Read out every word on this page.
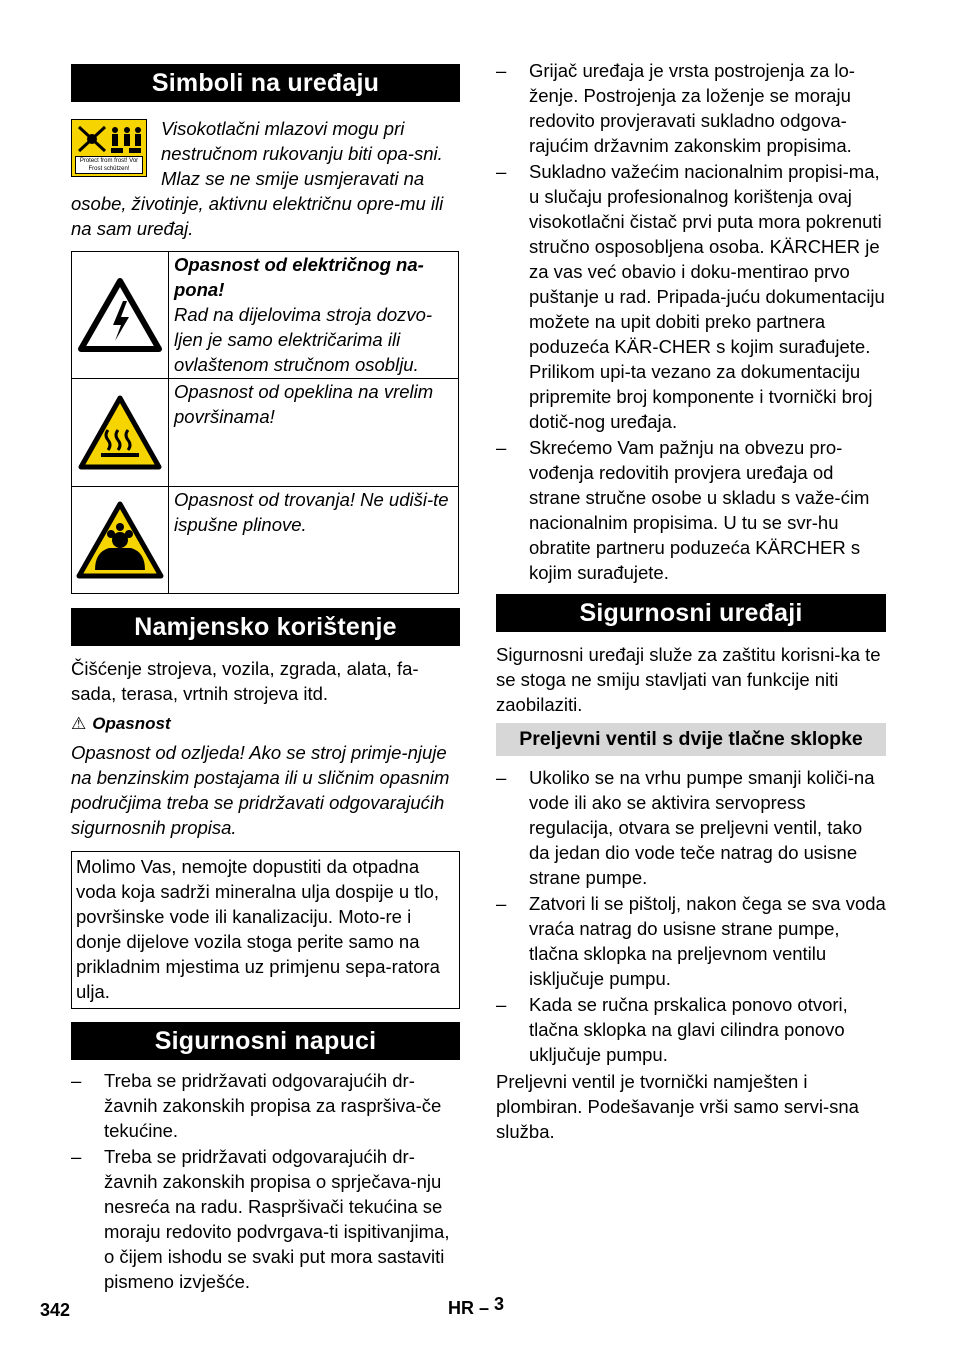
Simboli na uređaju
Protect from frost! Vor Frost schützen!

Visokotlačni mlazovi mogu pri nestručnom rukovanju biti opa-sni. Mlaz se ne smije usmjeravati na osobe, životinje, aktivnu električnu opre-mu ili na sam uređaj.

Opasnost od električnog na-pona!
Rad na dijelovima stroja dozvo-ljen je samo električarima ili ovlaštenom stručnom osoblju.
Opasnost od opeklina na vrelim površinama!
Opasnost od trovanja! Ne udiši-te ispušne plinove.
Namjensko korištenje

Čišćenje strojeva, vozila, zgrada, alata, fa-sada, terasa, vrtnih strojeva itd.

⚠ Opasnost

Opasnost od ozljeda! Ako se stroj primje-njuje na benzinskim postajama ili u sličnim opasnim područjima treba se pridržavati odgovarajućih sigurnosnih propisa.

Molimo Vas, nemojte dopustiti da otpadna voda koja sadrži mineralna ulja dospije u tlo, površinske vode ili kanalizaciju. Moto-re i donje dijelove vozila stoga perite samo na prikladnim mjestima uz primjenu sepa-ratora ulja.

Sigurnosni napuci
– Treba se pridržavati odgovarajućih dr-žavnih zakonskih propisa za raspršiva-če tekućine.
– Treba se pridržavati odgovarajućih dr-žavnih zakonskih propisa o sprječava-nju nesreća na radu. Raspršivači tekućina se moraju redovito podvrgava-ti ispitivanjima, o čijem ishodu se svaki put mora sastaviti pismeno izvješće.
– Grijač uređaja je vrsta postrojenja za lo-ženje. Postrojenja za loženje se moraju redovito provjeravati sukladno odgova-rajućim državnim zakonskim propisima.
– Sukladno važećim nacionalnim propisi-ma, u slučaju profesionalnog korištenja ovaj visokotlačni čistač prvi puta mora pokrenuti stručno osposobljena osoba. KÄRCHER je za vas već obavio i doku-mentirao prvo puštanje u rad. Pripada-juću dokumentaciju možete na upit dobiti preko partnera poduzeća KÄR-CHER s kojim surađujete. Prilikom upi-ta vezano za dokumentaciju pripremite broj komponente i tvornički broj dotič-nog uređaja.
– Skrećemo Vam pažnju na obvezu pro-vođenja redovitih provjera uređaja od strane stručne osobe u skladu s važe-ćim nacionalnim propisima. U tu se svr-hu obratite partneru poduzeća KÄRCHER s kojim surađujete.
Sigurnosni uređaji

Sigurnosni uređaji služe za zaštitu korisni-ka te se stoga ne smiju stavljati van funkcije niti zaobilaziti.

Preljevni ventil s dvije tlačne sklopke
– Ukoliko se na vrhu pumpe smanji količi-na vode ili ako se aktivira servopress regulacija, otvara se preljevni ventil, tako da jedan dio vode teče natrag do usisne strane pumpe.
– Zatvori li se pištolj, nakon čega se sva voda vraća natrag do usisne strane pumpe, tlačna sklopka na preljevnom ventilu isključuje pumpu.
– Kada se ručna prskalica ponovo otvori, tlačna sklopka na glavi cilindra ponovo uključuje pumpu.

Preljevni ventil je tvornički namješten i plombiran. Podešavanje vrši samo servi-sna služba.

342	HR – 3
